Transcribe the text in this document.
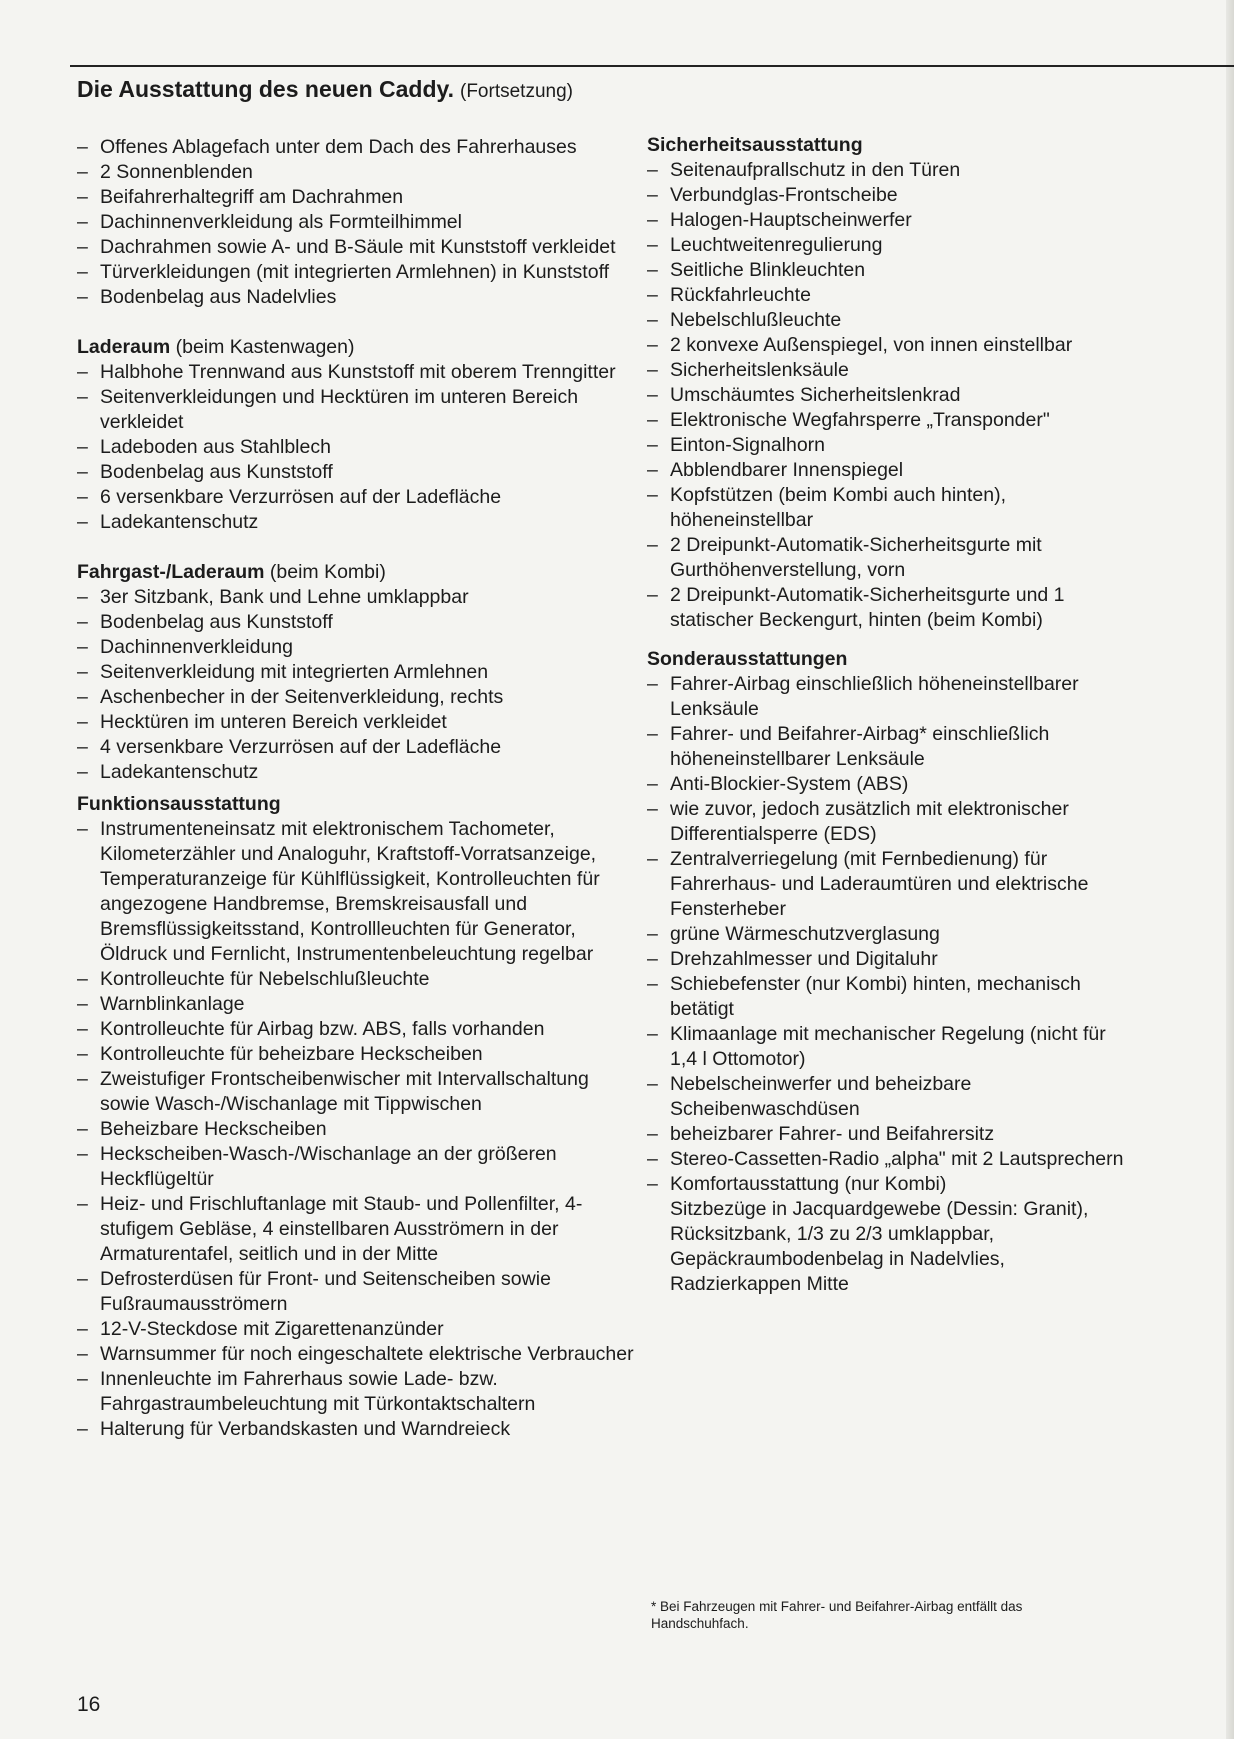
Die Ausstattung des neuen Caddy. (Fortsetzung)
– Offenes Ablagefach unter dem Dach des Fahrerhauses
– 2 Sonnenblenden
– Beifahrerhaltegriff am Dachrahmen
– Dachinnenverkleidung als Formteilhimmel
– Dachrahmen sowie A- und B-Säule mit Kunststoff verkleidet
– Türverkleidungen (mit integrierten Armlehnen) in Kunststoff
– Bodenbelag aus Nadelvlies
Laderaum (beim Kastenwagen)
– Halbhohe Trennwand aus Kunststoff mit oberem Trenngitter
– Seitenverkleidungen und Hecktüren im unteren Bereich verkleidet
– Ladeboden aus Stahlblech
– Bodenbelag aus Kunststoff
– 6 versenkbare Verzurrösen auf der Ladefläche
– Ladekantenschutz
Fahrgast-/Laderaum (beim Kombi)
– 3er Sitzbank, Bank und Lehne umklappbar
– Bodenbelag aus Kunststoff
– Dachinnenverkleidung
– Seitenverkleidung mit integrierten Armlehnen
– Aschenbecher in der Seitenverkleidung, rechts
– Hecktüren im unteren Bereich verkleidet
– 4 versenkbare Verzurrösen auf der Ladefläche
– Ladekantenschutz
Funktionsausstattung
– Instrumenteneinsatz mit elektronischem Tachometer, Kilometerzähler und Analoguhr, Kraftstoff-Vorratsanzeige, Temperaturanzeige für Kühlflüssigkeit, Kontrolleuchten für angezogene Handbremse, Bremskreisausfall und Bremsflüssigkeitsstand, Kontrollleuchten für Generator, Öldruck und Fernlicht, Instrumentenbeleuchtung regelbar
– Kontrolleuchte für Nebelschlußleuchte
– Warnblinkanlage
– Kontrolleuchte für Airbag bzw. ABS, falls vorhanden
– Kontrolleuchte für beheizbare Heckscheiben
– Zweistufiger Frontscheibenwischer mit Intervallschaltung sowie Wasch-/Wischanlage mit Tippwischen
– Beheizbare Heckscheiben
– Heckscheiben-Wasch-/Wischanlage an der größeren Heckflügeltür
– Heiz- und Frischluftanlage mit Staub- und Pollenfilter, 4-stufigem Gebläse, 4 einstellbaren Ausströmern in der Armaturentafel, seitlich und in der Mitte
– Defrosterdüsen für Front- und Seitenscheiben sowie Fußraumausströmern
– 12-V-Steckdose mit Zigarettenanzünder
– Warnsummer für noch eingeschaltete elektrische Verbraucher
– Innenleuchte im Fahrerhaus sowie Lade- bzw. Fahrgastraumbeleuchtung mit Türkontaktschaltern
– Halterung für Verbandskasten und Warndreieck
Sicherheitsausstattung
– Seitenaufprallschutz in den Türen
– Verbundglas-Frontscheibe
– Halogen-Hauptscheinwerfer
– Leuchtweitenregulierung
– Seitliche Blinkleuchten
– Rückfahrleuchte
– Nebelschlußleuchte
– 2 konvexe Außenspiegel, von innen einstellbar
– Sicherheitslenksäule
– Umschäumtes Sicherheitslenkrad
– Elektronische Wegfahrsperre „Transponder"
– Einton-Signalhorn
– Abblendbarer Innenspiegel
– Kopfstützen (beim Kombi auch hinten), höheneinstellbar
– 2 Dreipunkt-Automatik-Sicherheitsgurte mit Gurthöhenverstellung, vorn
– 2 Dreipunkt-Automatik-Sicherheitsgurte und 1 statischer Beckengurt, hinten (beim Kombi)
Sonderausstattungen
– Fahrer-Airbag einschließlich höheneinstellbarer Lenksäule
– Fahrer- und Beifahrer-Airbag* einschließlich höheneinstellbarer Lenksäule
– Anti-Blockier-System (ABS)
– wie zuvor, jedoch zusätzlich mit elektronischer Differentialsperre (EDS)
– Zentralverriegelung (mit Fernbedienung) für Fahrerhaus- und Laderaumtüren und elektrische Fensterheber
– grüne Wärmeschutzverglasung
– Drehzahlmesser und Digitaluhr
– Schiebefenster (nur Kombi) hinten, mechanisch betätigt
– Klimaanlage mit mechanischer Regelung (nicht für 1,4 l Ottomotor)
– Nebelscheinwerfer und beheizbare Scheibenwaschdüsen
– beheizbarer Fahrer- und Beifahrersitz
– Stereo-Cassetten-Radio „alpha" mit 2 Lautsprechern
– Komfortausstattung (nur Kombi)
Sitzbezüge in Jacquardgewebe (Dessin: Granit), Rücksitzbank, 1/3 zu 2/3 umklappbar, Gepäckraumbodenbelag in Nadelvlies, Radzierkappen Mitte
* Bei Fahrzeugen mit Fahrer- und Beifahrer-Airbag entfällt das Handschuhfach.
16
